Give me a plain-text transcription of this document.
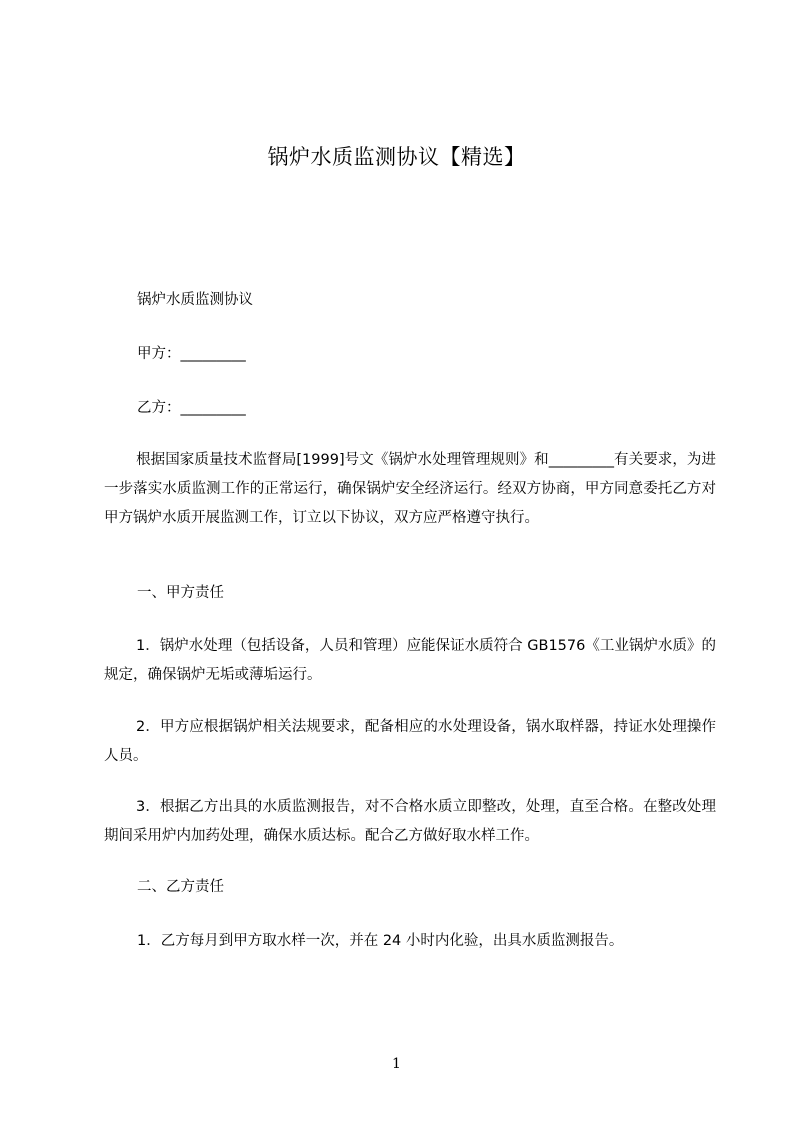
锅炉水质监测协议【精选】
锅炉水质监测协议
甲方：_________
乙方：_________
根据国家质量技术监督局[1999]号文《锅炉水处理管理规则》和_________有关要求，为进一步落实水质监测工作的正常运行，确保锅炉安全经济运行。经双方协商，甲方同意委托乙方对甲方锅炉水质开展监测工作，订立以下协议，双方应严格遵守执行。
一、甲方责任
1．锅炉水处理（包括设备，人员和管理）应能保证水质符合 GB1576《工业锅炉水质》的规定，确保锅炉无垢或薄垢运行。
2．甲方应根据锅炉相关法规要求，配备相应的水处理设备，锅水取样器，持证水处理操作人员。
3．根据乙方出具的水质监测报告，对不合格水质立即整改，处理，直至合格。在整改处理期间采用炉内加药处理，确保水质达标。配合乙方做好取水样工作。
二、乙方责任
1．乙方每月到甲方取水样一次，并在 24 小时内化验，出具水质监测报告。
1
